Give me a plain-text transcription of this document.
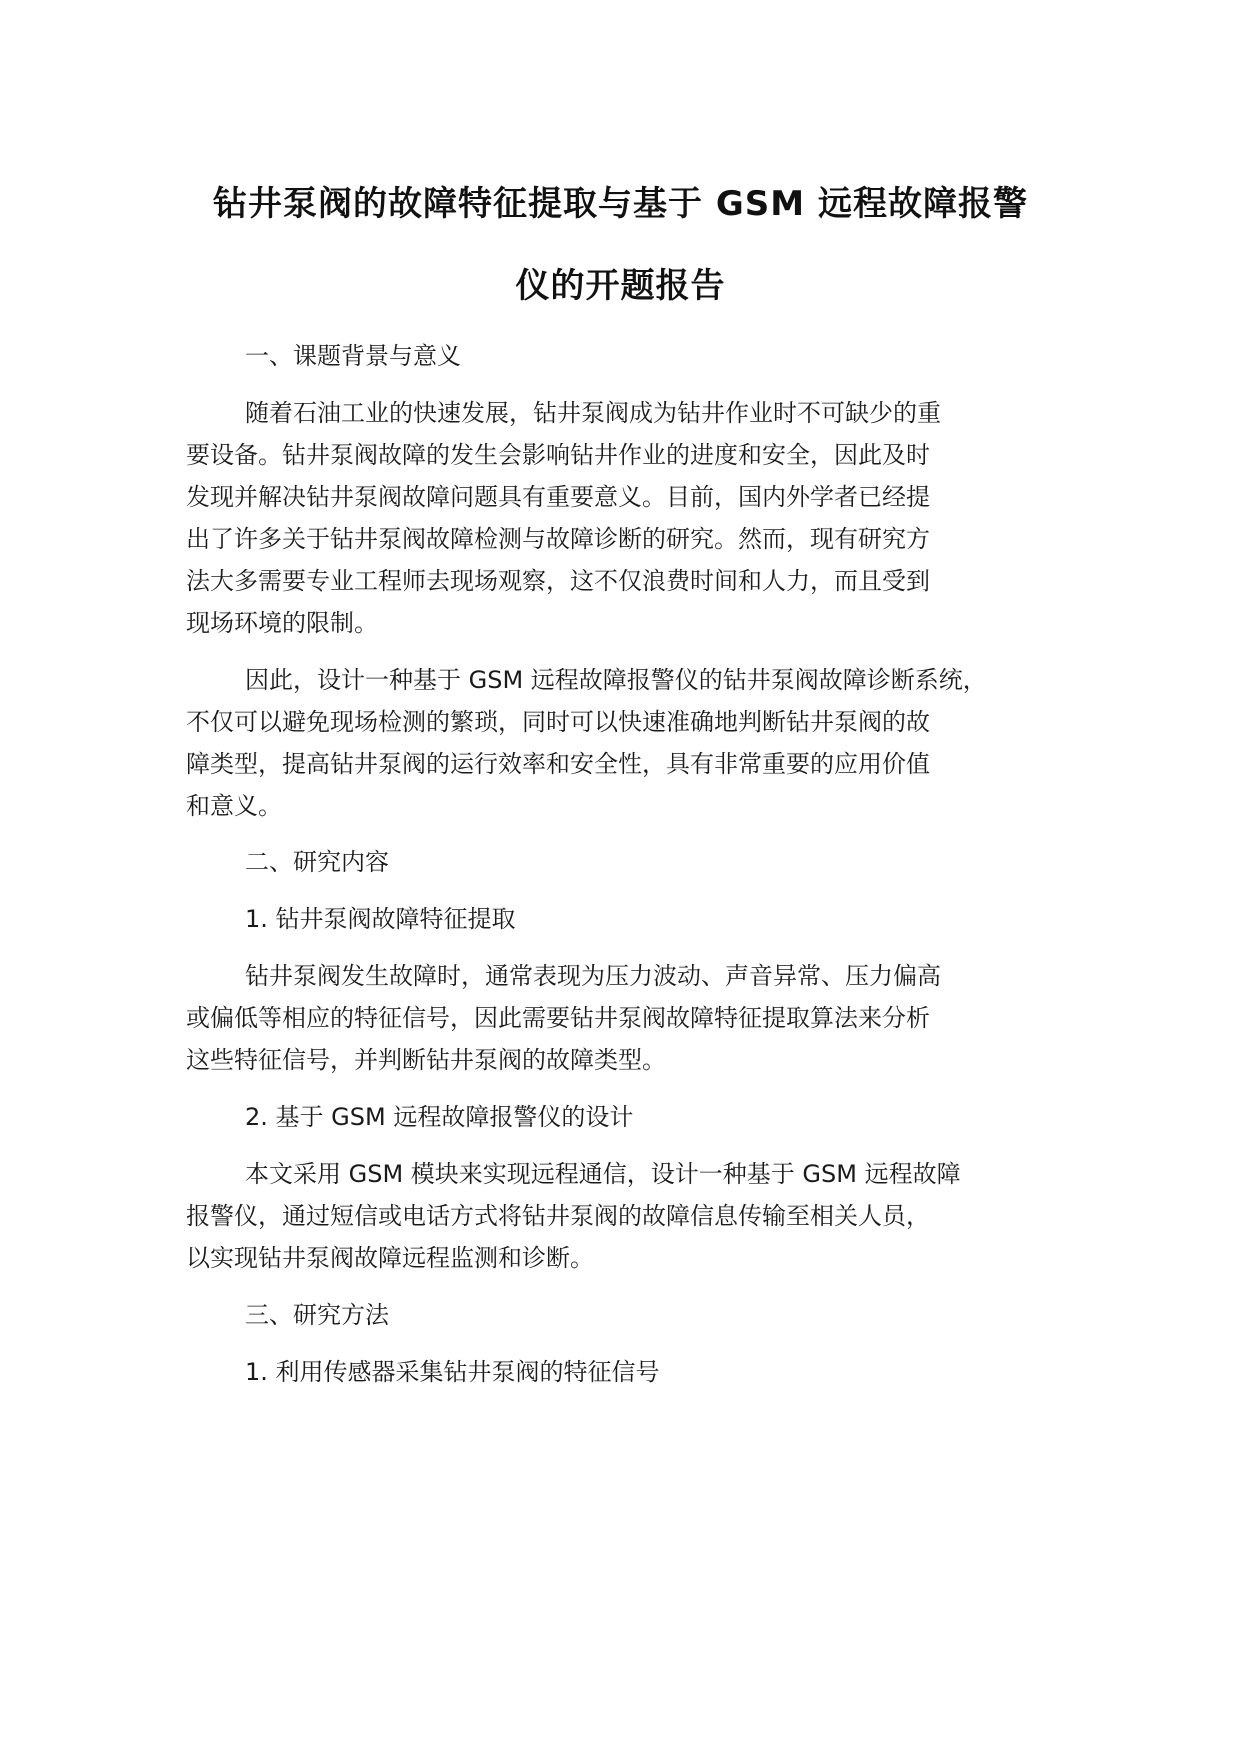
钻井泵阀的故障特征提取与基于 GSM 远程故障报警
仪的开题报告
一、课题背景与意义
随着石油工业的快速发展，钻井泵阀成为钻井作业时不可缺少的重
要设备。钻井泵阀故障的发生会影响钻井作业的进度和安全，因此及时
发现并解决钻井泵阀故障问题具有重要意义。目前，国内外学者已经提
出了许多关于钻井泵阀故障检测与故障诊断的研究。然而，现有研究方
法大多需要专业工程师去现场观察，这不仅浪费时间和人力，而且受到
现场环境的限制。
因此，设计一种基于 GSM 远程故障报警仪的钻井泵阀故障诊断系统，
不仅可以避免现场检测的繁琐，同时可以快速准确地判断钻井泵阀的故
障类型，提高钻井泵阀的运行效率和安全性，具有非常重要的应用价值
和意义。
二、研究内容
1. 钻井泵阀故障特征提取
钻井泵阀发生故障时，通常表现为压力波动、声音异常、压力偏高
或偏低等相应的特征信号，因此需要钻井泵阀故障特征提取算法来分析
这些特征信号，并判断钻井泵阀的故障类型。
2. 基于 GSM 远程故障报警仪的设计
本文采用 GSM 模块来实现远程通信，设计一种基于 GSM 远程故障
报警仪，通过短信或电话方式将钻井泵阀的故障信息传输至相关人员，
以实现钻井泵阀故障远程监测和诊断。
三、研究方法
1. 利用传感器采集钻井泵阀的特征信号
